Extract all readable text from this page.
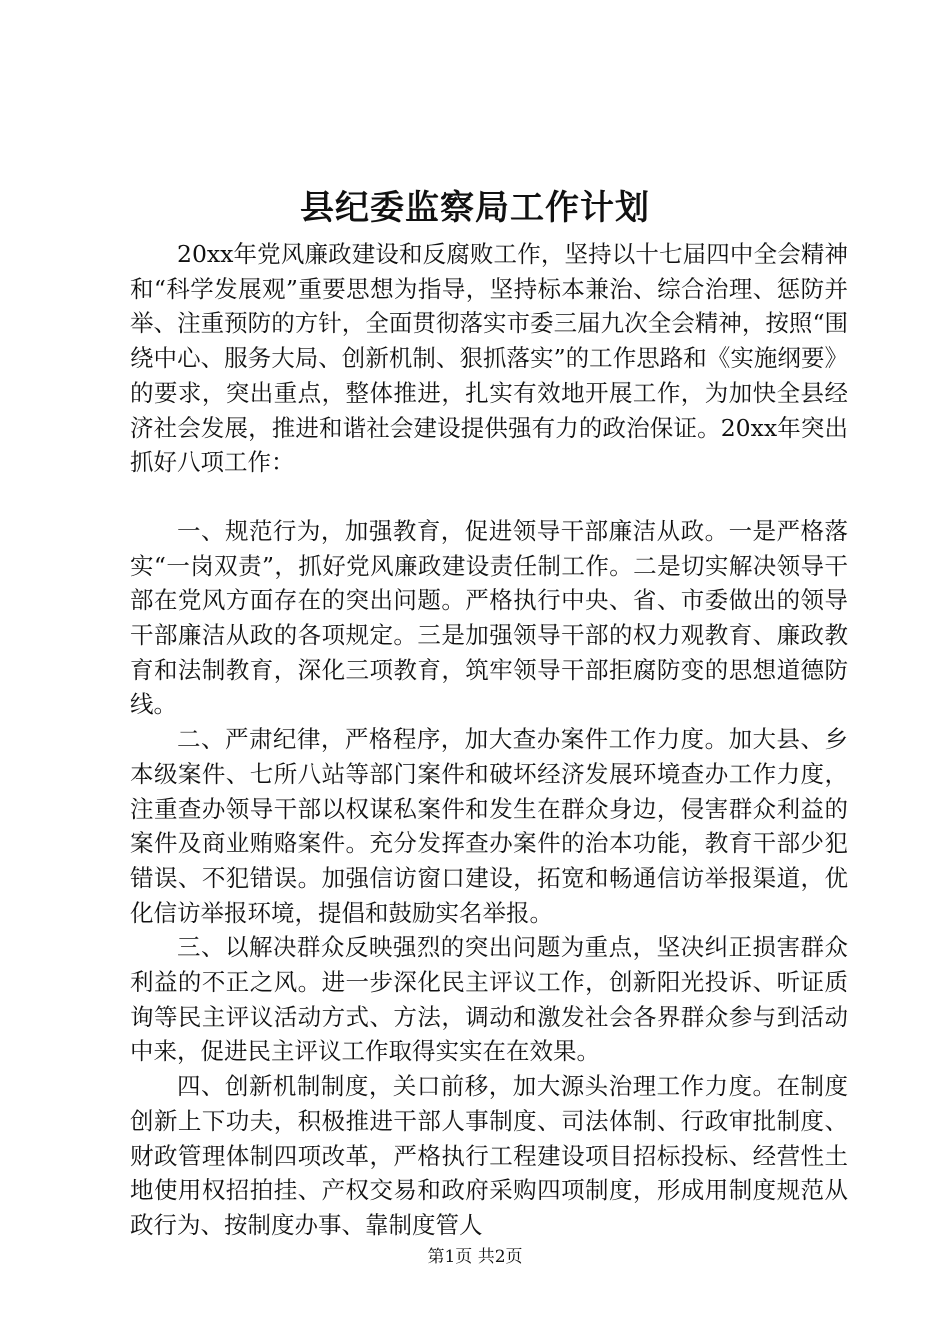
县纪委监察局工作计划

20xx年党风廉政建设和反腐败工作，坚持以十七届四中全会精神和“科学发展观”重要思想为指导，坚持标本兼治、综合治理、惩防并举、注重预防的方针，全面贯彻落实市委三届九次全会精神，按照“围绕中心、服务大局、创新机制、狠抓落实”的工作思路和《实施纲要》的要求，突出重点，整体推进，扎实有效地开展工作，为加快全县经济社会发展，推进和谐社会建设提供强有力的政治保证。20xx年突出抓好八项工作：

一、规范行为，加强教育，促进领导干部廉洁从政。一是严格落实“一岗双责”，抓好党风廉政建设责任制工作。二是切实解决领导干部在党风方面存在的突出问题。严格执行中央、省、市委做出的领导干部廉洁从政的各项规定。三是加强领导干部的权力观教育、廉政教育和法制教育，深化三项教育，筑牢领导干部拒腐防变的思想道德防线。

二、严肃纪律，严格程序，加大查办案件工作力度。加大县、乡本级案件、七所八站等部门案件和破坏经济发展环境查办工作力度，注重查办领导干部以权谋私案件和发生在群众身边，侵害群众利益的案件及商业贿赂案件。充分发挥查办案件的治本功能，教育干部少犯错误、不犯错误。加强信访窗口建设，拓宽和畅通信访举报渠道，优化信访举报环境，提倡和鼓励实名举报。

三、以解决群众反映强烈的突出问题为重点，坚决纠正损害群众利益的不正之风。进一步深化民主评议工作，创新阳光投诉、听证质询等民主评议活动方式、方法，调动和激发社会各界群众参与到活动中来，促进民主评议工作取得实实在在效果。

四、创新机制制度，关口前移，加大源头治理工作力度。在制度创新上下功夫，积极推进干部人事制度、司法体制、行政审批制度、财政管理体制四项改革，严格执行工程建设项目招标投标、经营性土地使用权招拍挂、产权交易和政府采购四项制度，形成用制度规范从政行为、按制度办事、靠制度管人

第1页 共2页
